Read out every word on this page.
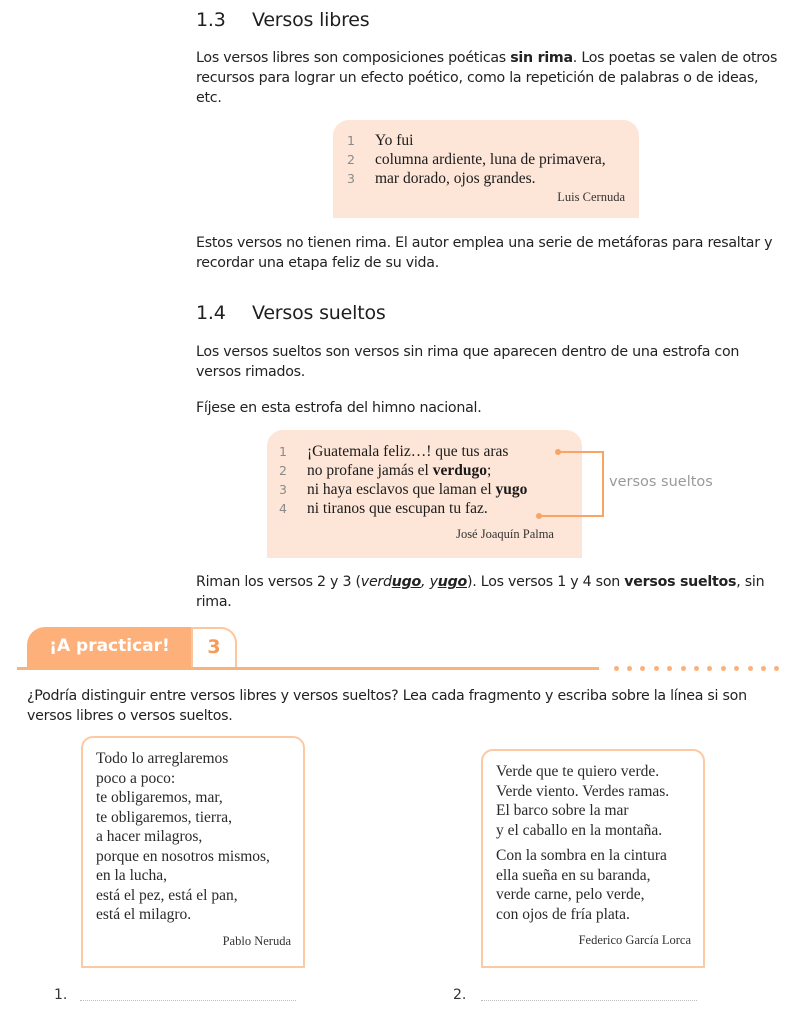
1.3 Versos libres
Los versos libres son composiciones poéticas sin rima. Los poetas se valen de otros recursos para lograr un efecto poético, como la repetición de palabras o de ideas, etc.
1 Yo fui
2 columna ardiente, luna de primavera,
3 mar dorado, ojos grandes.
Luis Cernuda
Estos versos no tienen rima. El autor emplea una serie de metáforas para resaltar y recordar una etapa feliz de su vida.
1.4 Versos sueltos
Los versos sueltos son versos sin rima que aparecen dentro de una estrofa con versos rimados.
Fíjese en esta estrofa del himno nacional.
1 ¡Guatemala feliz…! que tus aras
2 no profane jamás el verdugo;
3 ni haya esclavos que laman el yugo
4 ni tiranos que escupan tu faz.
José Joaquín Palma
versos sueltos
Riman los versos 2 y 3 (verdugo, yugo). Los versos 1 y 4 son versos sueltos, sin rima.
¡A practicar!	3
¿Podría distinguir entre versos libres y versos sueltos? Lea cada fragmento y escriba sobre la línea si son versos libres o versos sueltos.
Todo lo arreglaremos
poco a poco:
te obligaremos, mar,
te obligaremos, tierra,
a hacer milagros,
porque en nosotros mismos,
en la lucha,
está el pez, está el pan,
está el milagro.
Pablo Neruda
Verde que te quiero verde.
Verde viento. Verdes ramas.
El barco sobre la mar
y el caballo en la montaña.
Con la sombra en la cintura
ella sueña en su baranda,
verde carne, pelo verde,
con ojos de fría plata.
Federico García Lorca
1.	2.
